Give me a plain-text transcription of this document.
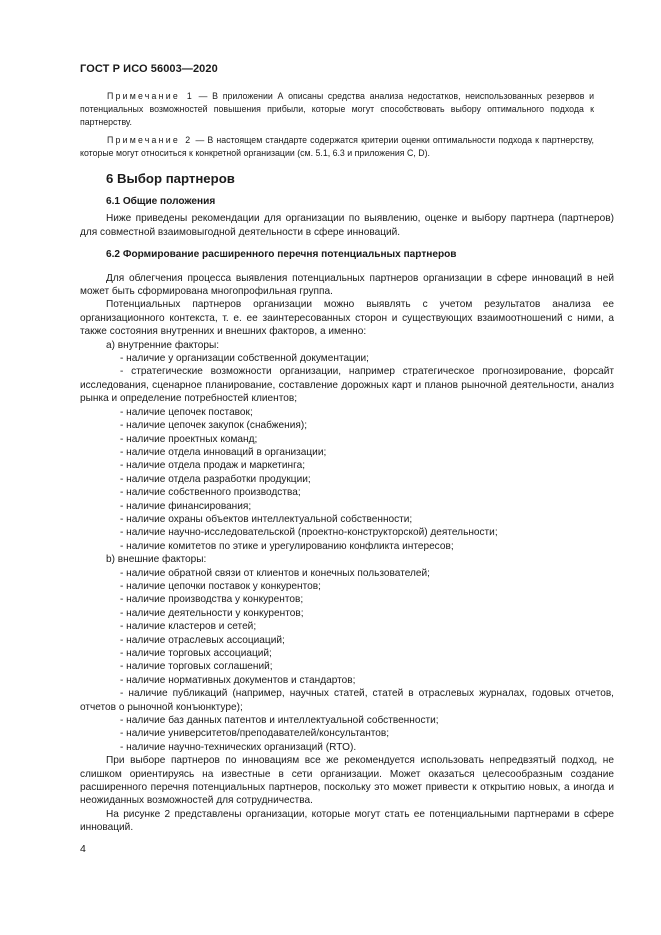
ГОСТ Р ИСО 56003—2020

Примечание 1 — В приложении А описаны средства анализа недостатков, неиспользованных резервов и потенциальных возможностей повышения прибыли, которые могут способствовать выбору оптимального подхода к партнерству.

Примечание 2 — В настоящем стандарте содержатся критерии оценки оптимальности подхода к партнерству, которые могут относиться к конкретной организации (см. 5.1, 6.3 и приложения С, D).

6 Выбор партнеров
6.1 Общие положения

Ниже приведены рекомендации для организации по выявлению, оценке и выбору партнера (партнеров) для совместной взаимовыгодной деятельности в сфере инноваций.

6.2 Формирование расширенного перечня потенциальных партнеров

Для облегчения процесса выявления потенциальных партнеров организации в сфере инноваций в ней может быть сформирована многопрофильная группа.

Потенциальных партнеров организации можно выявлять с учетом результатов анализа ее организационного контекста, т. е. ее заинтересованных сторон и существующих взаимоотношений с ними, а также состояния внутренних и внешних факторов, а именно:

a) внутренние факторы:
- наличие у организации собственной документации;
- стратегические возможности организации, например стратегическое прогнозирование, форсайт исследования, сценарное планирование, составление дорожных карт и планов рыночной деятельности, анализ рынка и определение потребностей клиентов;
- наличие цепочек поставок;
- наличие цепочек закупок (снабжения);
- наличие проектных команд;
- наличие отдела инноваций в организации;
- наличие отдела продаж и маркетинга;
- наличие отдела разработки продукции;
- наличие собственного производства;
- наличие финансирования;
- наличие охраны объектов интеллектуальной собственности;
- наличие научно-исследовательской (проектно-конструкторской) деятельности;
- наличие комитетов по этике и урегулированию конфликта интересов;
b) внешние факторы:
- наличие обратной связи от клиентов и конечных пользователей;
- наличие цепочки поставок у конкурентов;
- наличие производства у конкурентов;
- наличие деятельности у конкурентов;
- наличие кластеров и сетей;
- наличие отраслевых ассоциаций;
- наличие торговых ассоциаций;
- наличие торговых соглашений;
- наличие нормативных документов и стандартов;
- наличие публикаций (например, научных статей, статей в отраслевых журналах, годовых отчетов, отчетов о рыночной конъюнктуре);
- наличие баз данных патентов и интеллектуальной собственности;
- наличие университетов/преподавателей/консультантов;
- наличие научно-технических организаций (RTO).

При выборе партнеров по инновациям все же рекомендуется использовать непредвзятый подход, не слишком ориентируясь на известные в сети организации. Может оказаться целесообразным создание расширенного перечня потенциальных партнеров, поскольку это может привести к открытию новых, а иногда и неожиданных возможностей для сотрудничества.

На рисунке 2 представлены организации, которые могут стать ее потенциальными партнерами в сфере инноваций.

4
